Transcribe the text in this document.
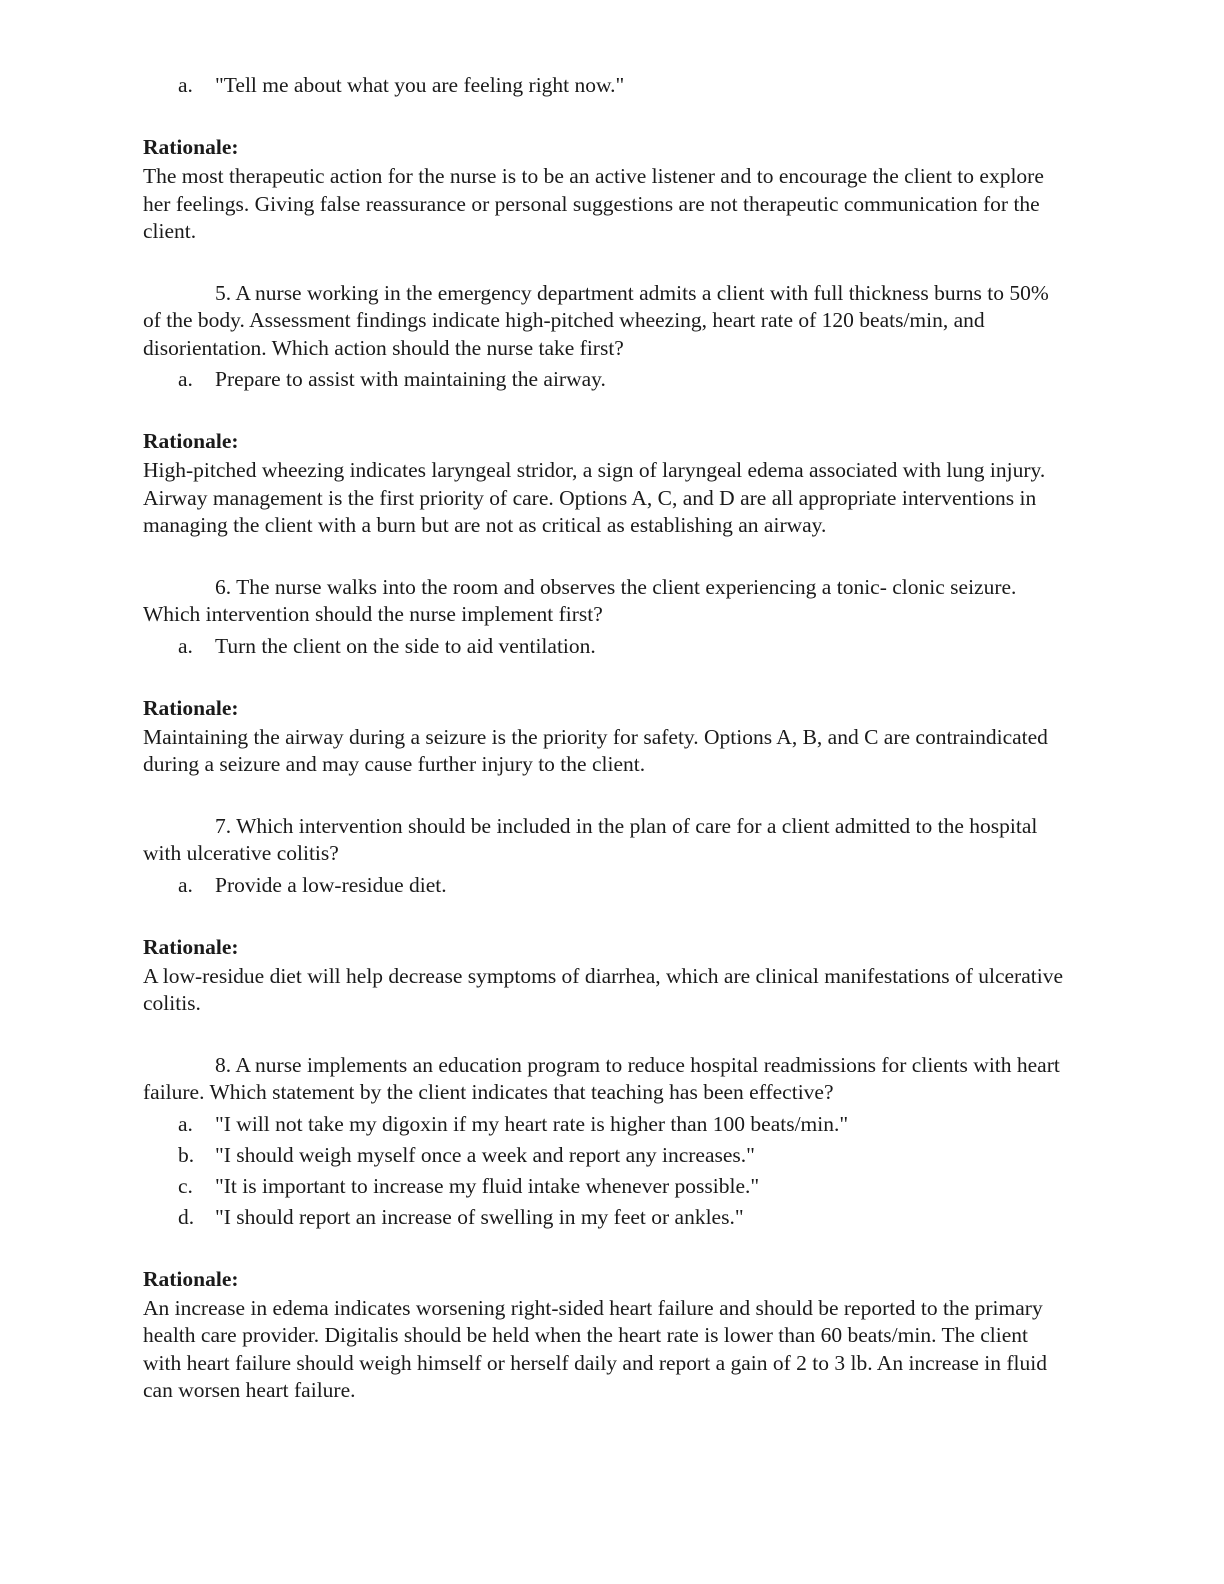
a. "Tell me about what you are feeling right now."
Rationale:
The most therapeutic action for the nurse is to be an active listener and to encourage the client to explore her feelings. Giving false reassurance or personal suggestions are not therapeutic communication for the client.
5. A nurse working in the emergency department admits a client with full thickness burns to 50% of the body. Assessment findings indicate high-pitched wheezing, heart rate of 120 beats/min, and disorientation. Which action should the nurse take first?
a. Prepare to assist with maintaining the airway.
Rationale:
High-pitched wheezing indicates laryngeal stridor, a sign of laryngeal edema associated with lung injury. Airway management is the first priority of care. Options A, C, and D are all appropriate interventions in managing the client with a burn but are not as critical as establishing an airway.
6. The nurse walks into the room and observes the client experiencing a tonic- clonic seizure. Which intervention should the nurse implement first?
a. Turn the client on the side to aid ventilation.
Rationale:
Maintaining the airway during a seizure is the priority for safety. Options A, B, and C are contraindicated during a seizure and may cause further injury to the client.
7. Which intervention should be included in the plan of care for a client admitted to the hospital with ulcerative colitis?
a. Provide a low-residue diet.
Rationale:
A low-residue diet will help decrease symptoms of diarrhea, which are clinical manifestations of ulcerative colitis.
8. A nurse implements an education program to reduce hospital readmissions for clients with heart failure. Which statement by the client indicates that teaching has been effective?
a. "I will not take my digoxin if my heart rate is higher than 100 beats/min."
b. "I should weigh myself once a week and report any increases."
c. "It is important to increase my fluid intake whenever possible."
d. "I should report an increase of swelling in my feet or ankles."
Rationale:
An increase in edema indicates worsening right-sided heart failure and should be reported to the primary health care provider. Digitalis should be held when the heart rate is lower than 60 beats/min. The client with heart failure should weigh himself or herself daily and report a gain of 2 to 3 lb. An increase in fluid can worsen heart failure.
